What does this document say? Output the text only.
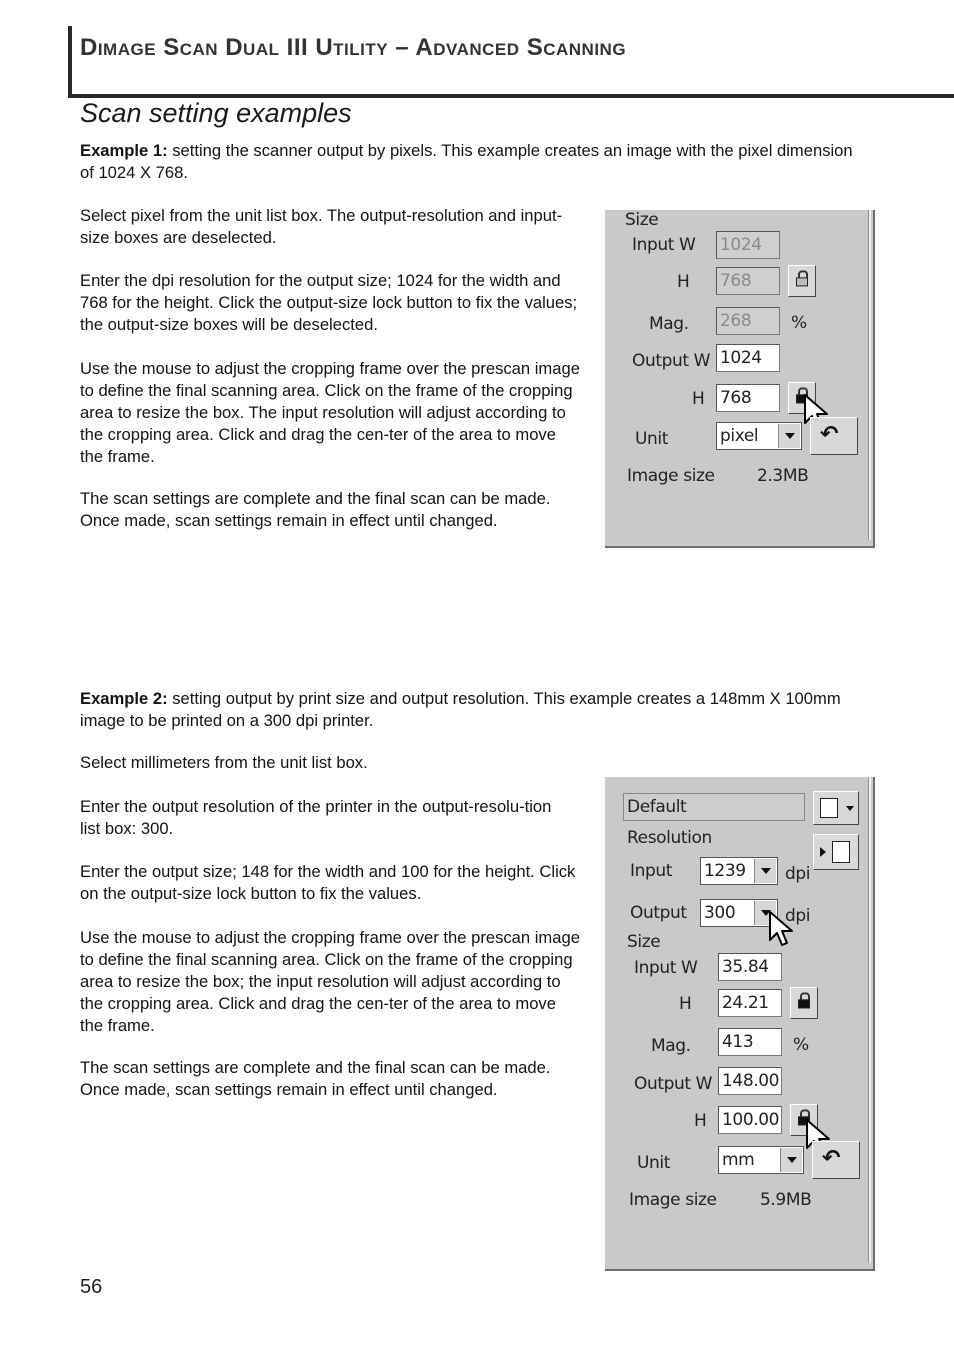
Dimage Scan Dual III Utility – Advanced Scanning
Scan setting examples
Example 1: setting the scanner output by pixels. This example creates an image with the pixel dimension of 1024 X 768.
Select pixel from the unit list box. The output-resolution and input-size boxes are deselected.
Enter the dpi resolution for the output size; 1024 for the width and 768 for the height. Click the output-size lock button to fix the values; the output-size boxes will be deselected.
Use the mouse to adjust the cropping frame over the prescan image to define the final scanning area. Click on the frame of the cropping area to resize the box. The input resolution will adjust according to the cropping area. Click and drag the cen-ter of the area to move the frame.
The scan settings are complete and the final scan can be made. Once made, scan settings remain in effect until changed.
Size
Input W 1024
H 768
Mag. 268	%
Output W 1024
H 768
Unit	pixel	↶
Image size 2.3MB
Example 2: setting output by print size and output resolution. This example creates a 148mm X 100mm image to be printed on a 300 dpi printer.
Select millimeters from the unit list box.
Enter the output resolution of the printer in the output-resolu-tion list box: 300.
Enter the output size; 148 for the width and 100 for the height. Click on the output-size lock button to fix the values.
Use the mouse to adjust the cropping frame over the prescan image to define the final scanning area. Click on the frame of the cropping area to resize the box; the input resolution will adjust according to the cropping area. Click and drag the cen-ter of the area to move the frame.
The scan settings are complete and the final scan can be made. Once made, scan settings remain in effect until changed.
Default
Resolution
Input 1239 dpi
Output 300	dpi
Size
Input W 35.84
H 24.21
Mag. 413	%
Output W 148.00
H 100.00
Unit	mm	↶
Image size	5.9MB
56
